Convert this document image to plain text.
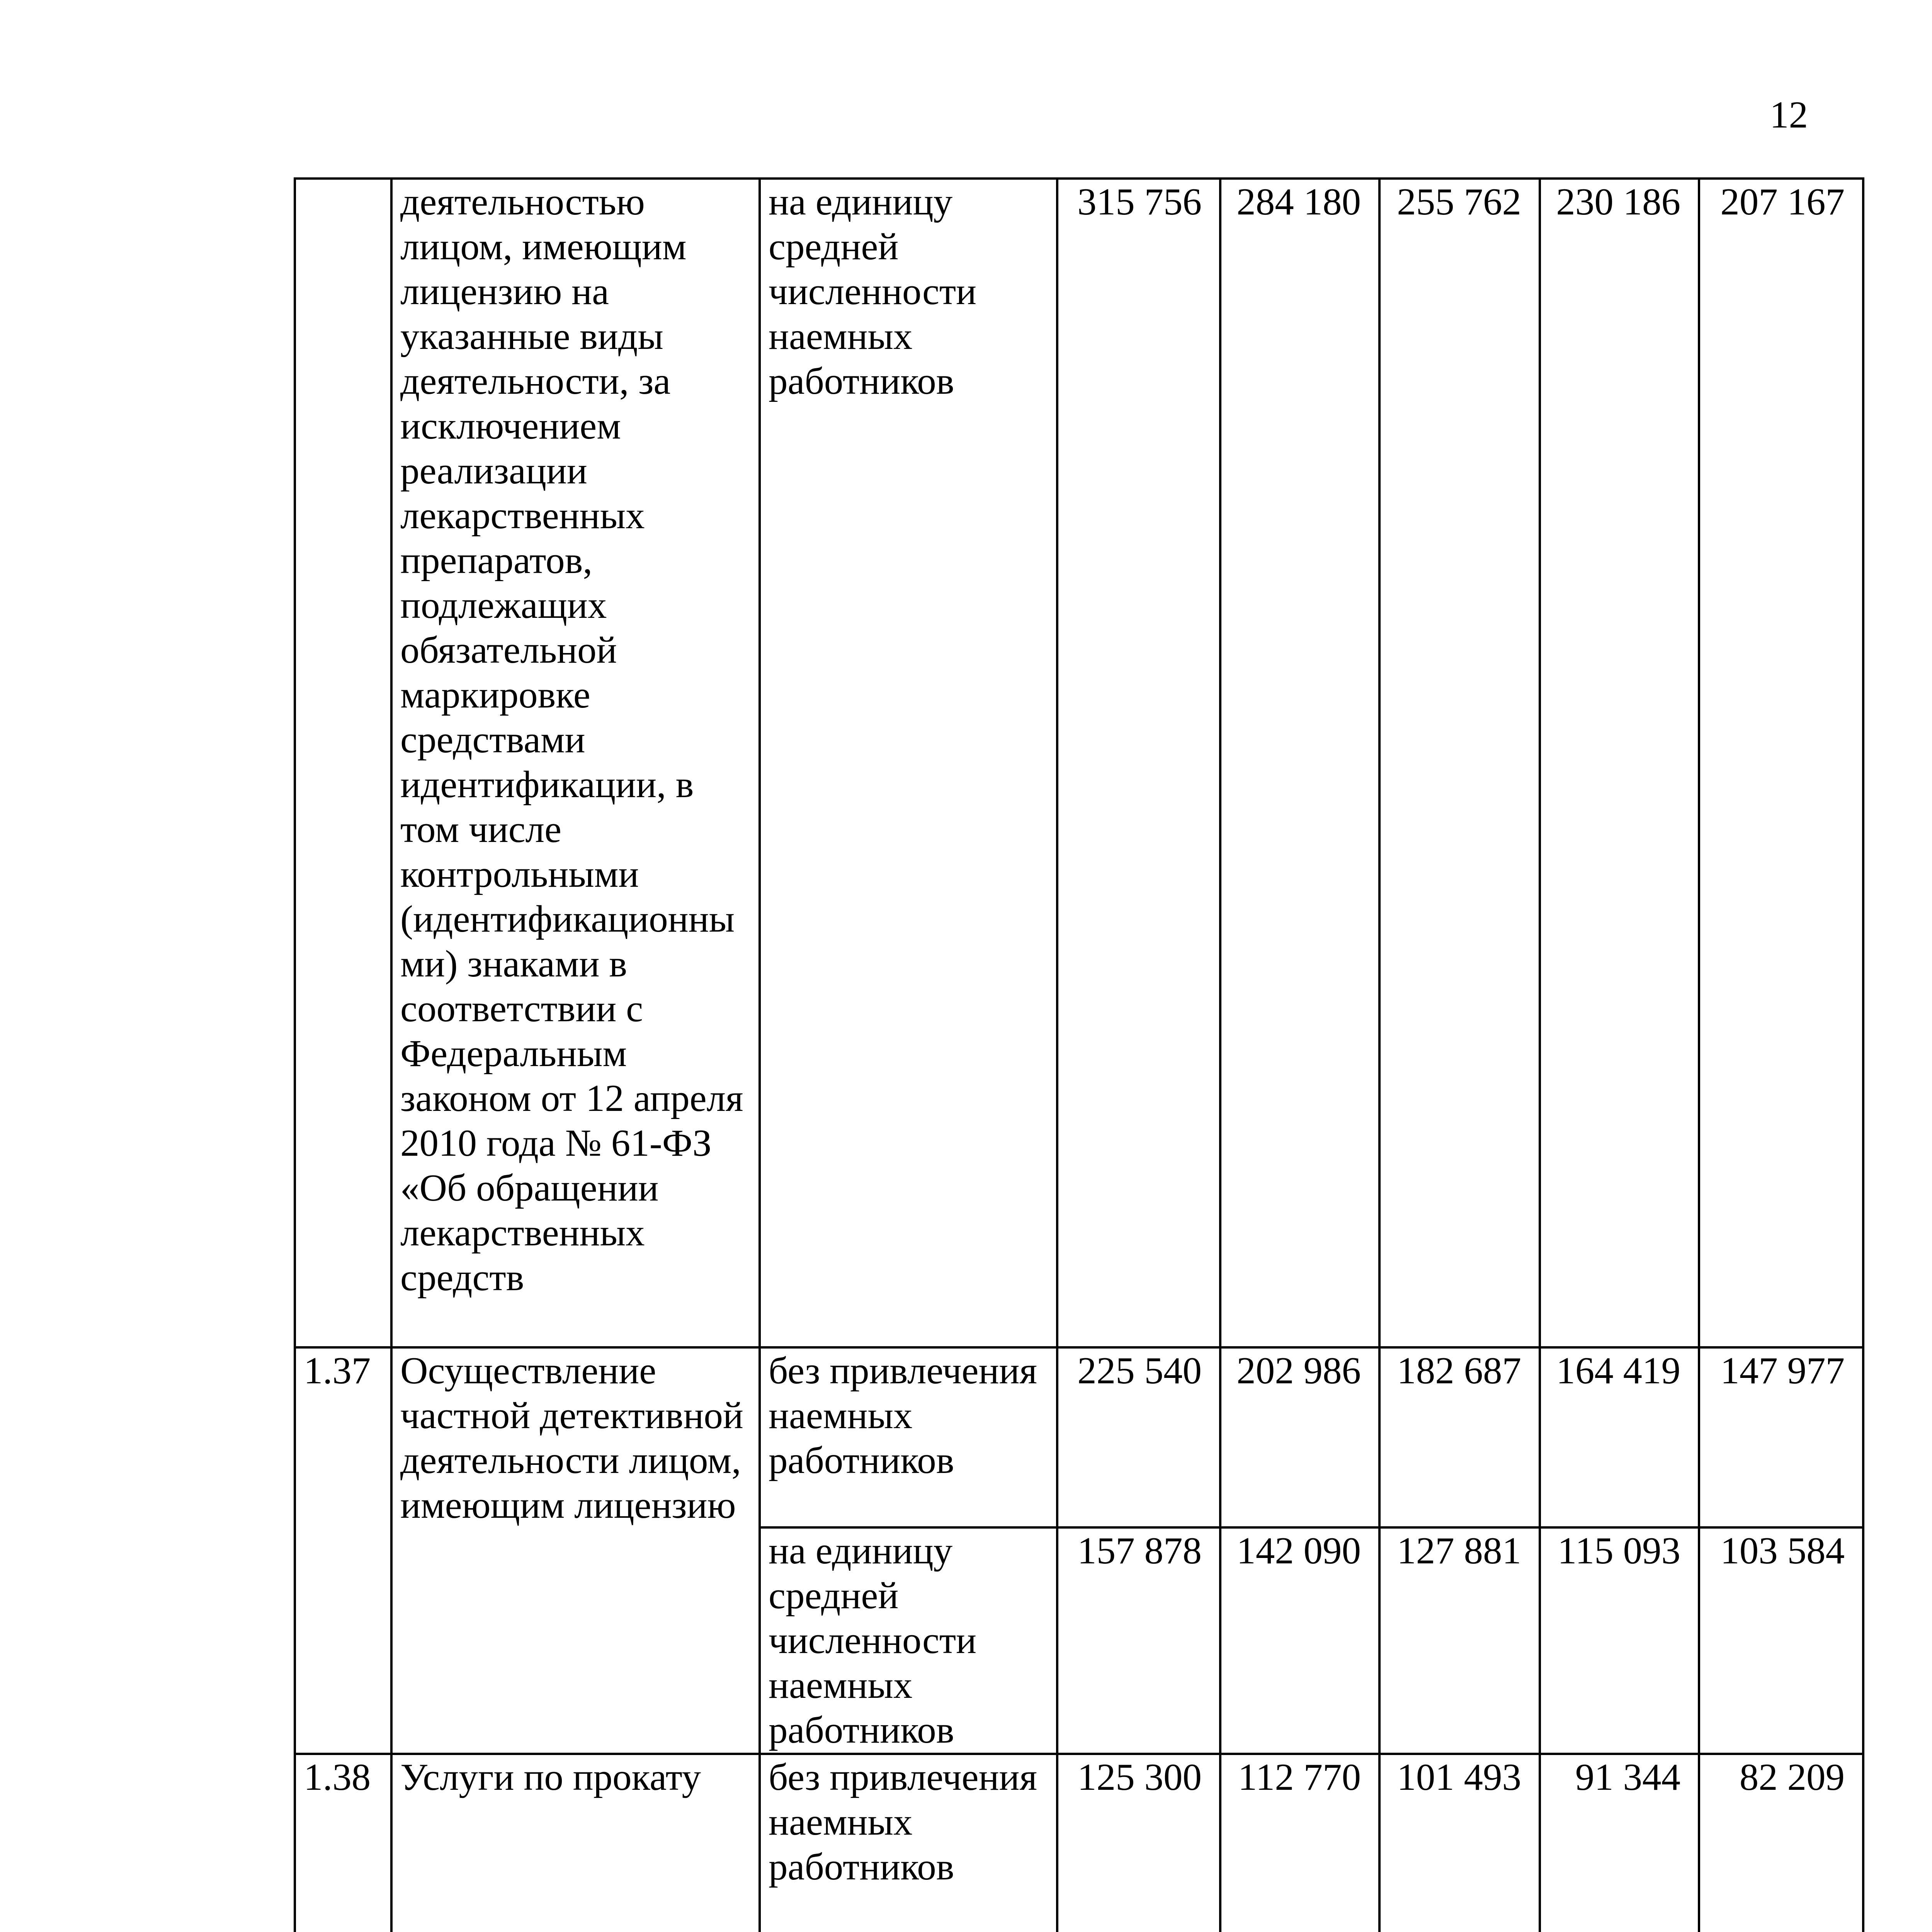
12
	деятельностью лицом, имеющим лицензию на указанные виды деятельности, за исключением реализации лекарственных препаратов, подлежащих обязательной маркировке средствами идентификации, в том числе контрольными (идентификационны ми) знаками в соответствии с Федеральным законом от 12 апреля 2010 года № 61-ФЗ «Об обращении лекарственных средств	на единицу средней численности наемных работников	315 756	284 180	255 762	230 186	207 167
1.37	Осуществление частной детективной деятельности лицом, имеющим лицензию	без привлечения наемных работников	225 540	202 986	182 687	164 419	147 977
		на единицу средней численности наемных работников	157 878	142 090	127 881	115 093	103 584
1.38	Услуги по прокату	без привлечения наемных работников	125 300	112 770	101 493	91 344	82 209
